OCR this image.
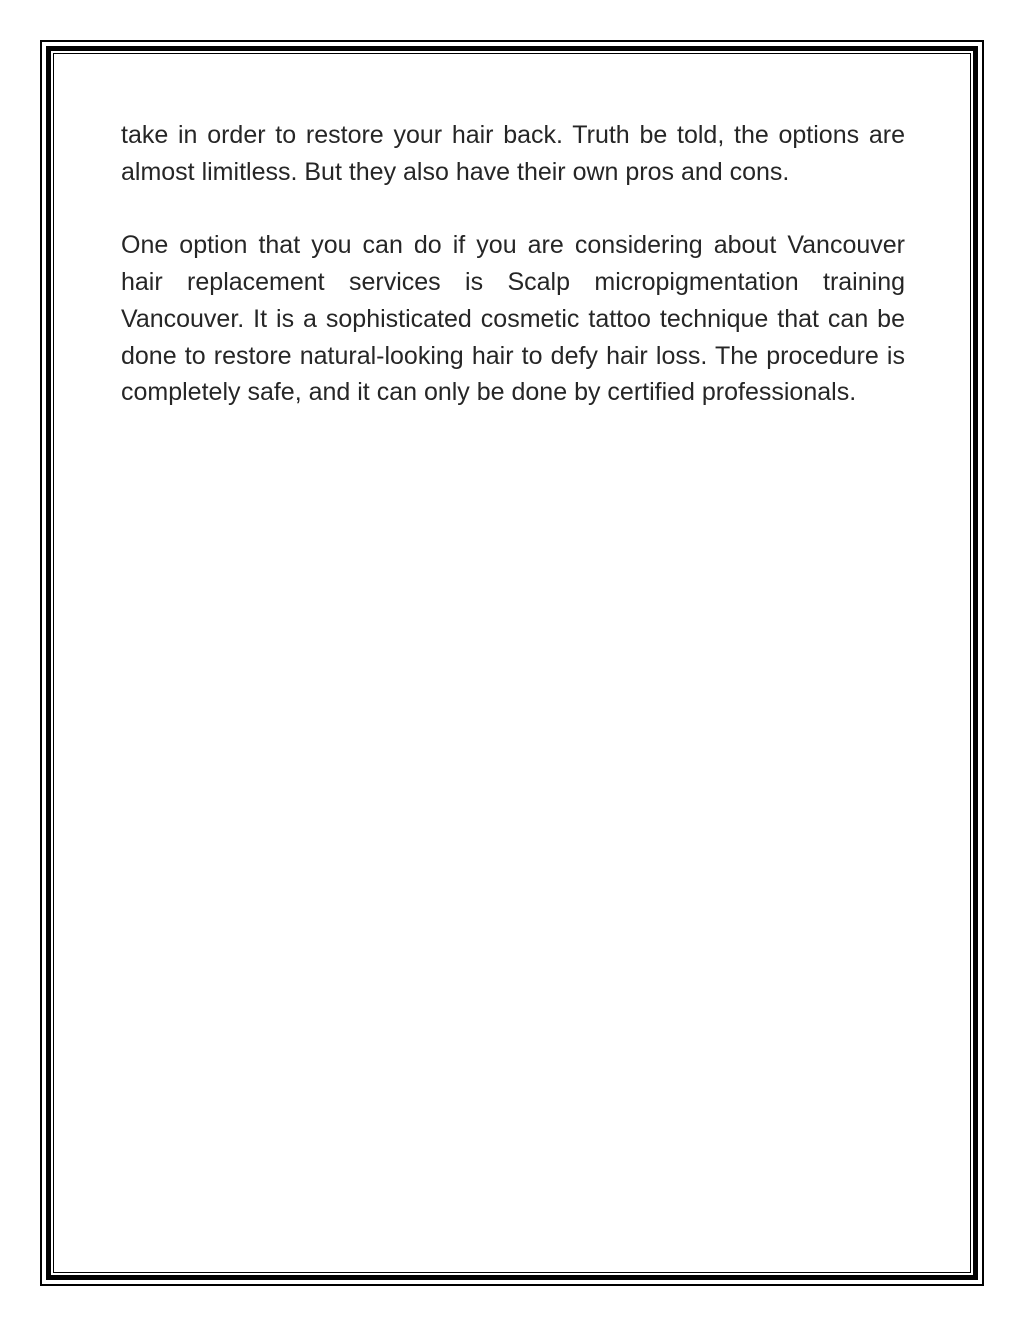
take in order to restore your hair back. Truth be told, the options are almost limitless. But they also have their own pros and cons.

One option that you can do if you are considering about Vancouver hair replacement services is Scalp micropigmentation training Vancouver. It is a sophisticated cosmetic tattoo technique that can be done to restore natural-looking hair to defy hair loss. The procedure is completely safe, and it can only be done by certified professionals.
